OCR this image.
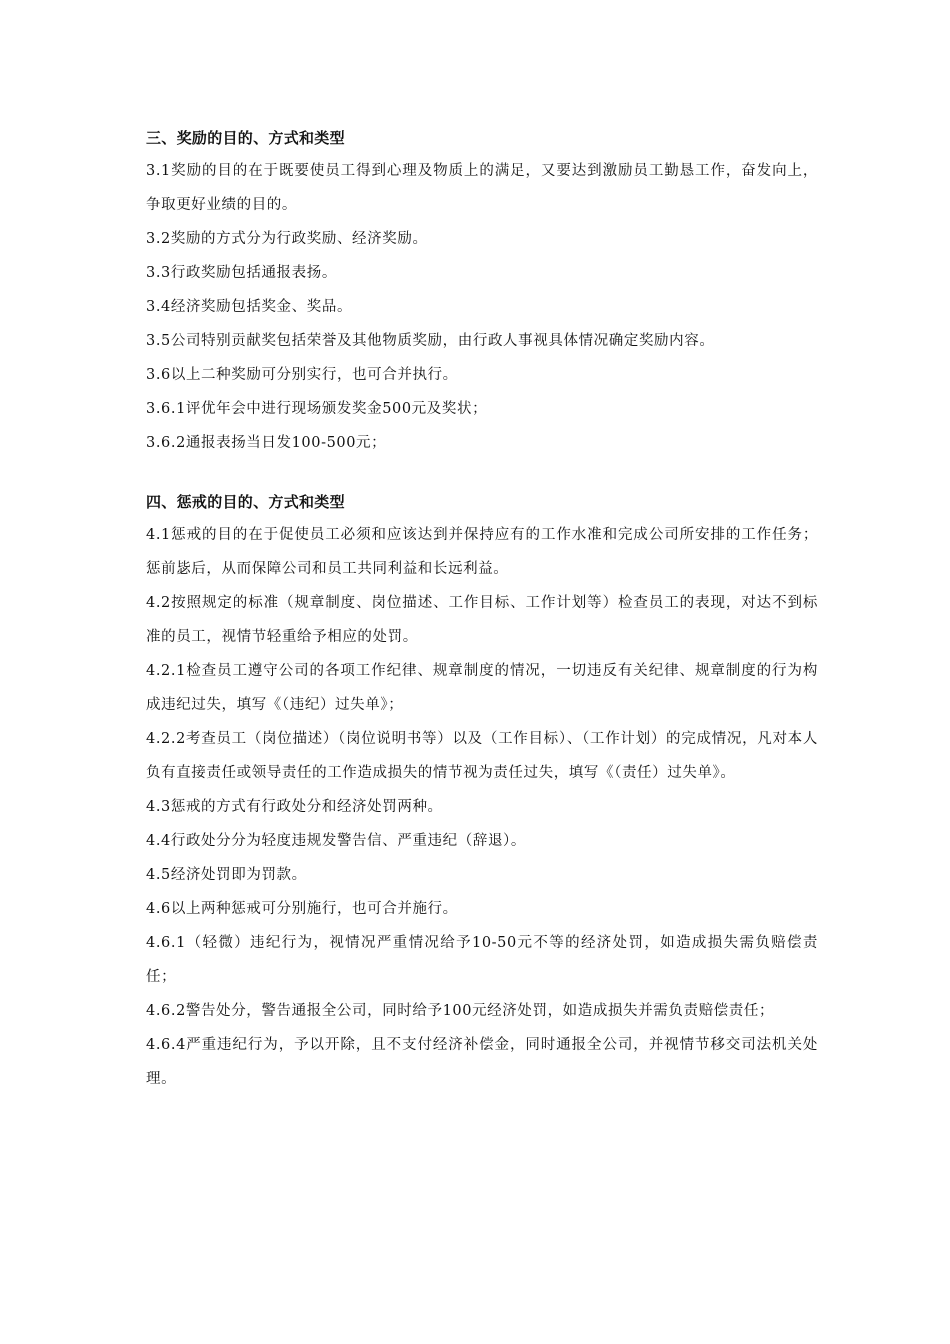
三、奖励的目的、方式和类型

3.1奖励的目的在于既要使员工得到心理及物质上的满足，又要达到激励员工勤恳工作，奋发向上，争取更好业绩的目的。

3.2奖励的方式分为行政奖励、经济奖励。

3.3行政奖励包括通报表扬。

3.4经济奖励包括奖金、奖品。

3.5公司特别贡献奖包括荣誉及其他物质奖励，由行政人事视具体情况确定奖励内容。

3.6以上二种奖励可分别实行，也可合并执行。

3.6.1评优年会中进行现场颁发奖金500元及奖状；

3.6.2通报表扬当日发100-500元；

四、惩戒的目的、方式和类型

4.1惩戒的目的在于促使员工必须和应该达到并保持应有的工作水准和完成公司所安排的工作任务；惩前毖后，从而保障公司和员工共同利益和长远利益。

4.2按照规定的标准（规章制度、岗位描述、工作目标、工作计划等）检查员工的表现，对达不到标准的员工，视情节轻重给予相应的处罚。

4.2.1检查员工遵守公司的各项工作纪律、规章制度的情况，一切违反有关纪律、规章制度的行为构成违纪过失，填写《（违纪）过失单》；

4.2.2考查员工（岗位描述）（岗位说明书等）以及（工作目标）、（工作计划）的完成情况，凡对本人负有直接责任或领导责任的工作造成损失的情节视为责任过失，填写《（责任）过失单》。

4.3惩戒的方式有行政处分和经济处罚两种。

4.4行政处分分为轻度违规发警告信、严重违纪（辞退）。

4.5经济处罚即为罚款。

4.6以上两种惩戒可分别施行，也可合并施行。

4.6.1（轻微）违纪行为，视情况严重情况给予10-50元不等的经济处罚，如造成损失需负赔偿责任；

4.6.2警告处分，警告通报全公司，同时给予100元经济处罚，如造成损失并需负责赔偿责任；

4.6.4严重违纪行为，予以开除，且不支付经济补偿金，同时通报全公司，并视情节移交司法机关处理。
